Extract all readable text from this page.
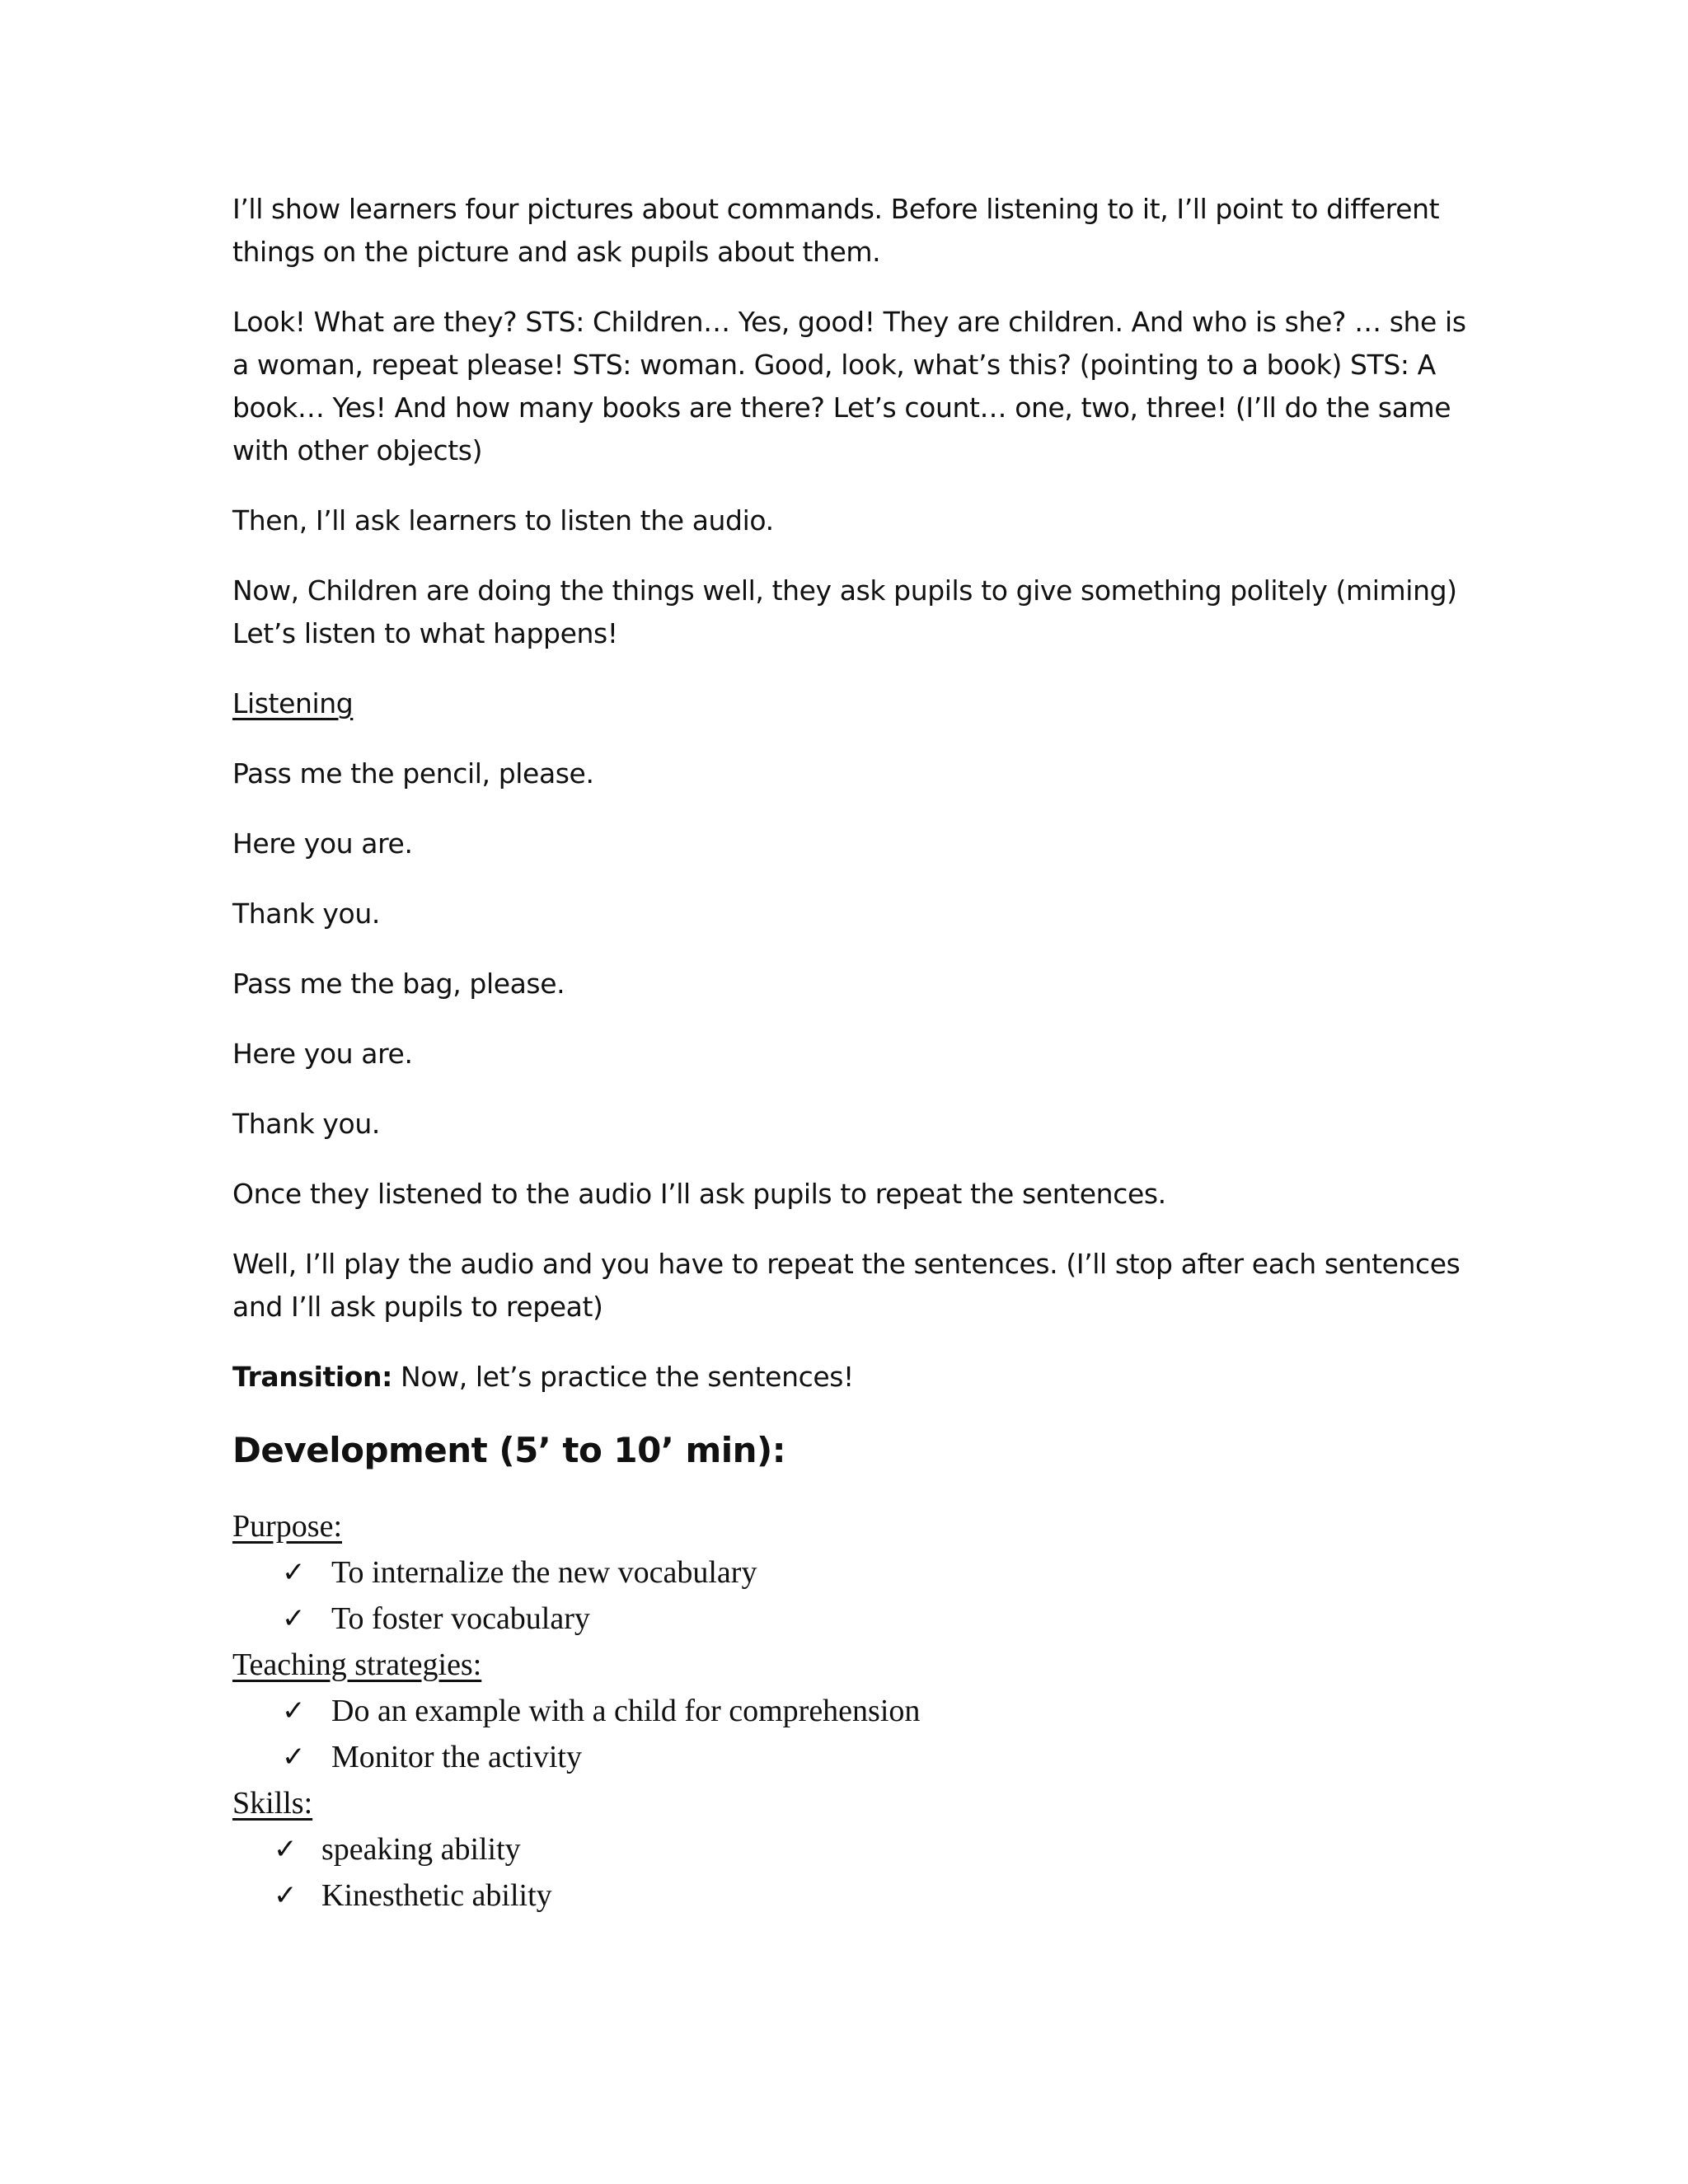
I’ll show learners four pictures about commands. Before listening to it, I’ll point to different things on the picture and ask pupils about them.

Look! What are they? STS: Children… Yes, good! They are children. And who is she? … she is a woman, repeat please! STS: woman. Good, look, what’s this? (pointing to a book) STS: A book… Yes! And how many books are there? Let’s count… one, two, three! (I’ll do the same with other objects)

Then, I’ll ask learners to listen the audio.

Now, Children are doing the things well, they ask pupils to give something politely (miming) Let’s listen to what happens!

Listening

Pass me the pencil, please.

Here you are.

Thank you.

Pass me the bag, please.

Here you are.

Thank you.

Once they listened to the audio I’ll ask pupils to repeat the sentences.

Well, I’ll play the audio and you have to repeat the sentences. (I’ll stop after each sentences and I’ll ask pupils to repeat)

Transition: Now, let’s practice the sentences!

Development (5’ to 10’ min):

Purpose:

✓ To internalize the new vocabulary
✓ To foster vocabulary

Teaching strategies:

✓ Do an example with a child for comprehension
✓ Monitor the activity

Skills:

✓ speaking ability
✓ Kinesthetic ability
